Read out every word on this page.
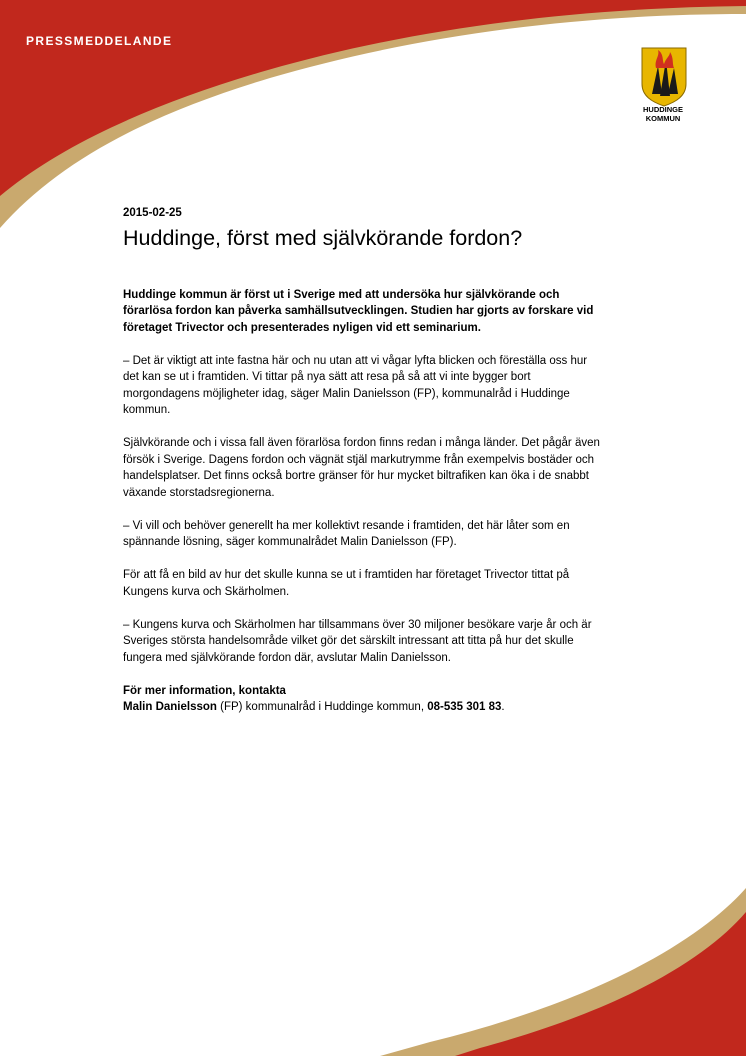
PRESSMEDDELANDE
HUDDINGE
KOMMUN

2015-02-25

Huddinge, först med självkörande fordon?

Huddinge kommun är först ut i Sverige med att undersöka hur självkörande och förarlösa fordon kan påverka samhällsutvecklingen. Studien har gjorts av forskare vid företaget Trivector och presenterades nyligen vid ett seminarium.

– Det är viktigt att inte fastna här och nu utan att vi vågar lyfta blicken och föreställa oss hur det kan se ut i framtiden. Vi tittar på nya sätt att resa på så att vi inte bygger bort morgondagens möjligheter idag, säger Malin Danielsson (FP), kommunalråd i Huddinge kommun.

Självkörande och i vissa fall även förarlösa fordon finns redan i många länder. Det pågår även försök i Sverige. Dagens fordon och vägnät stjäl markutrymme från exempelvis bostäder och handelsplatser. Det finns också bortre gränser för hur mycket biltrafiken kan öka i de snabbt växande storstadsregionerna.

– Vi vill och behöver generellt ha mer kollektivt resande i framtiden, det här låter som en spännande lösning, säger kommunalrådet Malin Danielsson (FP).

För att få en bild av hur det skulle kunna se ut i framtiden har företaget Trivector tittat på Kungens kurva och Skärholmen.

– Kungens kurva och Skärholmen har tillsammans över 30 miljoner besökare varje år och är Sveriges största handelsområde vilket gör det särskilt intressant att titta på hur det skulle fungera med självkörande fordon där, avslutar Malin Danielsson.

För mer information, kontakta
Malin Danielsson (FP) kommunalråd i Huddinge kommun, 08-535 301 83.
